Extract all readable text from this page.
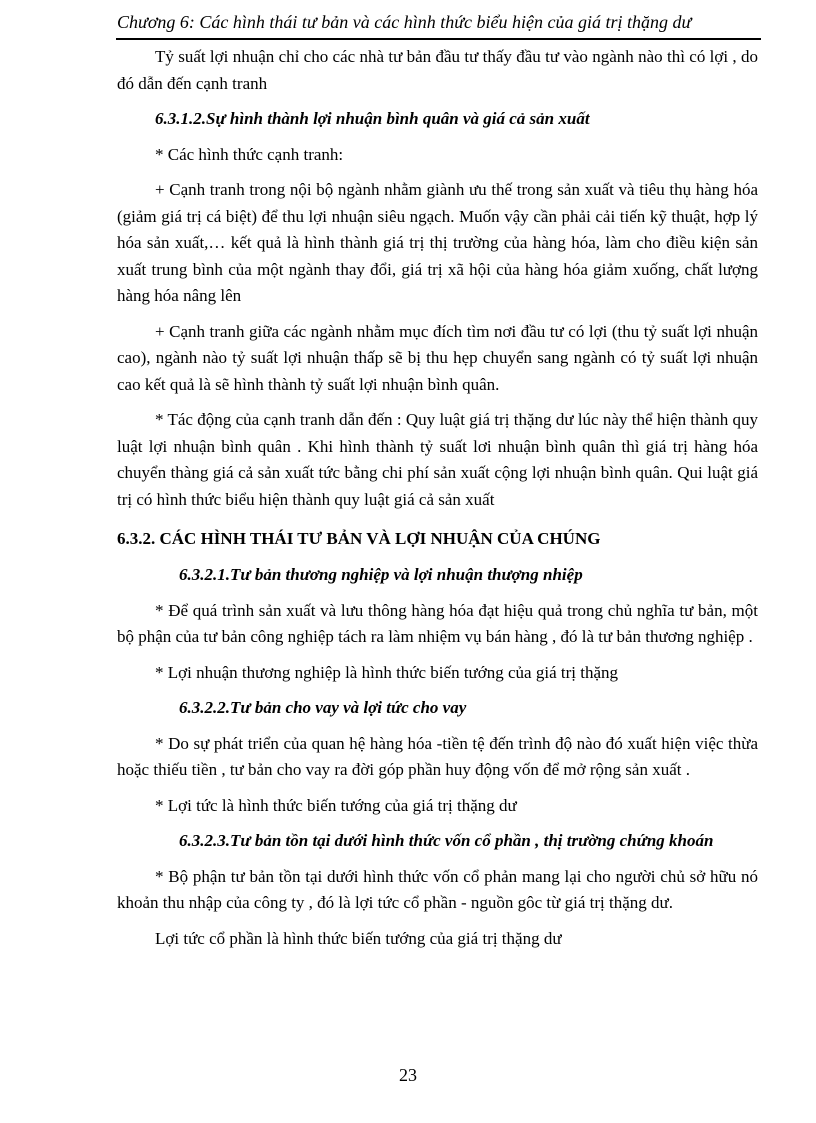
Chương 6: Các hình thái tư bản và các hình thức biểu hiện của giá trị thặng dư

Tỷ suất lợi nhuận chỉ cho các nhà tư bản đầu tư thấy đầu tư vào ngành nào thì có lợi , do đó dẫn đến cạnh tranh

6.3.1.2.Sự hình thành lợi nhuận bình quân và giá cả sản xuất

* Các hình thức cạnh tranh:

+ Cạnh tranh trong nội bộ ngành nhằm giành ưu thế trong sản xuất và tiêu thụ hàng hóa (giảm giá trị cá biệt) để thu lợi nhuận siêu ngạch. Muốn vậy cần phải cải tiến kỹ thuật, hợp lý hóa sản xuất,… kết quả là hình thành giá trị thị trường của hàng hóa, làm cho điều kiện sản xuất trung bình của một ngành thay đổi, giá trị xã hội của hàng hóa giảm xuống, chất lượng hàng hóa nâng lên

+ Cạnh tranh giữa các ngành nhằm mục đích tìm nơi đầu tư có lợi (thu tỷ suất lợi nhuận cao), ngành nào tỷ suất lợi nhuận thấp sẽ bị thu hẹp chuyển sang ngành có tỷ suất lợi nhuận cao kết quả là sẽ hình thành tỷ suất lợi nhuận bình quân.

* Tác động của cạnh tranh dẫn đến : Quy luật giá trị thặng dư lúc này thể hiện thành quy luật lợi nhuận bình quân . Khi hình thành tỷ suất lơi nhuận bình quân thì giá trị hàng hóa chuyển thàng giá cả sản xuất tức bằng chi phí sản xuất cộng lợi nhuận bình quân. Qui luật giá trị có hình thức biểu hiện thành quy luật giá cả sản xuất

6.3.2. CÁC HÌNH THÁI TƯ BẢN VÀ LỢI NHUẬN CỦA CHÚNG

6.3.2.1.Tư bản thương nghiệp và lợi nhuận thượng nhiệp

* Để quá trình sản xuất và lưu thông hàng hóa đạt hiệu quả trong chủ nghĩa tư bản, một bộ phận của tư bản công nghiệp tách ra làm nhiệm vụ bán hàng , đó là tư bản thương nghiệp .

* Lợi nhuận thương nghiệp là hình thức biến tướng của giá trị thặng

6.3.2.2.Tư bản cho vay và lợi tức cho vay

* Do sự phát triển của quan hệ hàng hóa -tiền tệ đến trình độ nào đó xuất hiện việc thừa hoặc thiếu tiền , tư bản cho vay ra đời góp phần huy động vốn để mở rộng sản xuất .

* Lợi tức là hình thức biến tướng của giá trị thặng dư

6.3.2.3.Tư bản tồn tại dưới hình thức vốn cổ phần , thị trường chứng khoán

* Bộ phận tư bản tồn tại dưới hình thức vốn cổ phản mang lại cho người chủ sở hữu nó khoản thu nhập của công ty , đó là lợi tức cổ phần - nguồn gôc từ giá trị thặng dư.

Lợi tức cổ phần là hình thức biến tướng của giá trị thặng dư

23
